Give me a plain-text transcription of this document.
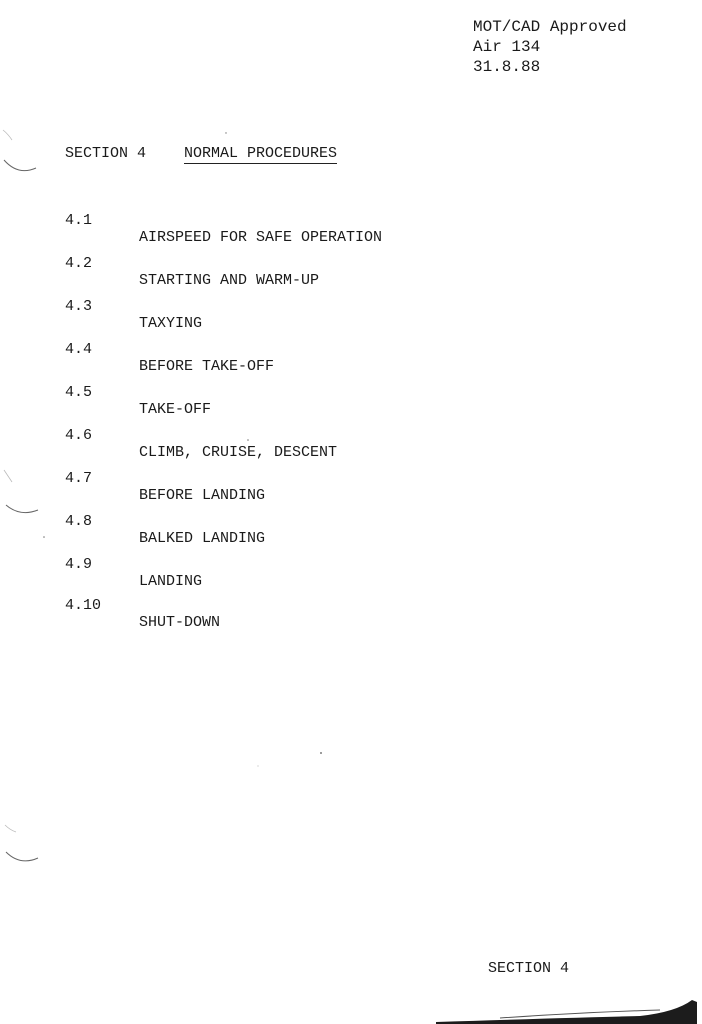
MOT/CAD Approved
Air 134
31.8.88
SECTION 4	NORMAL PROCEDURES

4.1

AIRSPEED FOR SAFE OPERATION

4.2

STARTING AND WARM-UP

4.3

TAXYING

4.4

BEFORE TAKE-OFF

4.5

TAKE-OFF

4.6

CLIMB, CRUISE, DESCENT

4.7

BEFORE LANDING

4.8

BALKED LANDING

4.9

LANDING

4.10

SHUT-DOWN

SECTION 4
